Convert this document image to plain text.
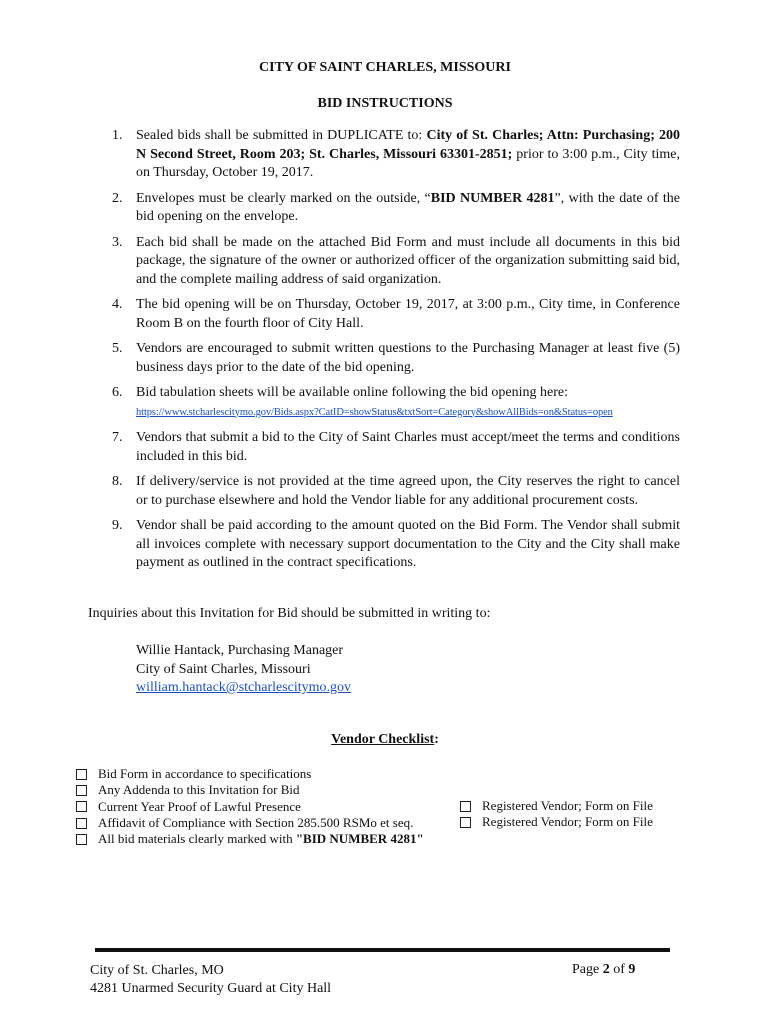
CITY OF SAINT CHARLES, MISSOURI
BID INSTRUCTIONS
1. Sealed bids shall be submitted in DUPLICATE to: City of St. Charles; Attn: Purchasing; 200 N Second Street, Room 203; St. Charles, Missouri 63301-2851; prior to 3:00 p.m., City time, on Thursday, October 19, 2017.
2. Envelopes must be clearly marked on the outside, “BID NUMBER 4281”, with the date of the bid opening on the envelope.
3. Each bid shall be made on the attached Bid Form and must include all documents in this bid package, the signature of the owner or authorized officer of the organization submitting said bid, and the complete mailing address of said organization.
4. The bid opening will be on Thursday, October 19, 2017, at 3:00 p.m., City time, in Conference Room B on the fourth floor of City Hall.
5. Vendors are encouraged to submit written questions to the Purchasing Manager at least five (5) business days prior to the date of the bid opening.
6. Bid tabulation sheets will be available online following the bid opening here:
https://www.stcharlescitymo.gov/Bids.aspx?CatID=showStatus&txtSort=Category&showAllBids=on&Status=open
7. Vendors that submit a bid to the City of Saint Charles must accept/meet the terms and conditions included in this bid.
8. If delivery/service is not provided at the time agreed upon, the City reserves the right to cancel or to purchase elsewhere and hold the Vendor liable for any additional procurement costs.
9. Vendor shall be paid according to the amount quoted on the Bid Form. The Vendor shall submit all invoices complete with necessary support documentation to the City and the City shall make payment as outlined in the contract specifications.
Inquiries about this Invitation for Bid should be submitted in writing to:
Willie Hantack, Purchasing Manager
City of Saint Charles, Missouri
william.hantack@stcharlescitymo.gov
Vendor Checklist:
Bid Form in accordance to specifications
Any Addenda to this Invitation for Bid
Current Year Proof of Lawful Presence
Affidavit of Compliance with Section 285.500 RSMo et seq.
All bid materials clearly marked with "BID NUMBER 4281"
Registered Vendor; Form on File
Registered Vendor; Form on File
City of St. Charles, MO
4281 Unarmed Security Guard at City Hall
Page 2 of 9
